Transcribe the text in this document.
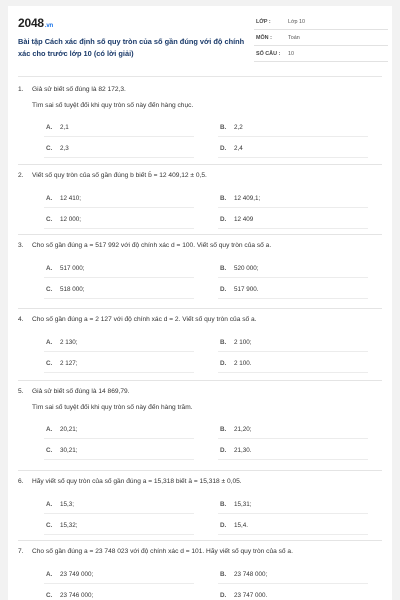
2048.vn
Bài tập Cách xác định số quy tròn của số gần đúng với độ chính xác cho trước lớp 10 (có lời giải)
LỚP :	Lớp 10
MÔN :	Toán
SỐ CÂU : 10
1. Giả sử biết số đúng là 82 172,3.
Tìm sai số tuyệt đối khi quy tròn số này đến hàng chục.
A. 2,1	B. 2,2
C. 2,3	D. 2,4
2. Viết số quy tròn của số gần đúng b biết b̄ = 12 409,12 ± 0,5.
A. 12 410;	B. 12 409,1;
C. 12 000;	D. 12 409
3. Cho số gần đúng a = 517 992 với độ chính xác d = 100. Viết số quy tròn của số a.
A. 517 000;	B. 520 000;
C. 518 000;	D. 517 900.
4. Cho số gần đúng a = 2 127 với độ chính xác d = 2. Viết số quy tròn của số a.
A. 2 130;	B. 2 100;
C. 2 127;	D. 2 100.
5. Giả sử biết số đúng là 14 869,79.
Tìm sai số tuyệt đối khi quy tròn số này đến hàng trăm.
A. 20,21;	B. 21,20;
C. 30,21;	D. 21,30.
6. Hãy viết số quy tròn của số gần đúng a = 15,318 biết ā = 15,318 ± 0,05.
A. 15,3;	B. 15,31;
C. 15,32;	D. 15,4.
7. Cho số gần đúng a = 23 748 023 với độ chính xác d = 101. Hãy viết số quy tròn của số a.
A. 23 749 000;	B. 23 748 000;
C. 23 746 000;	D. 23 747 000.
